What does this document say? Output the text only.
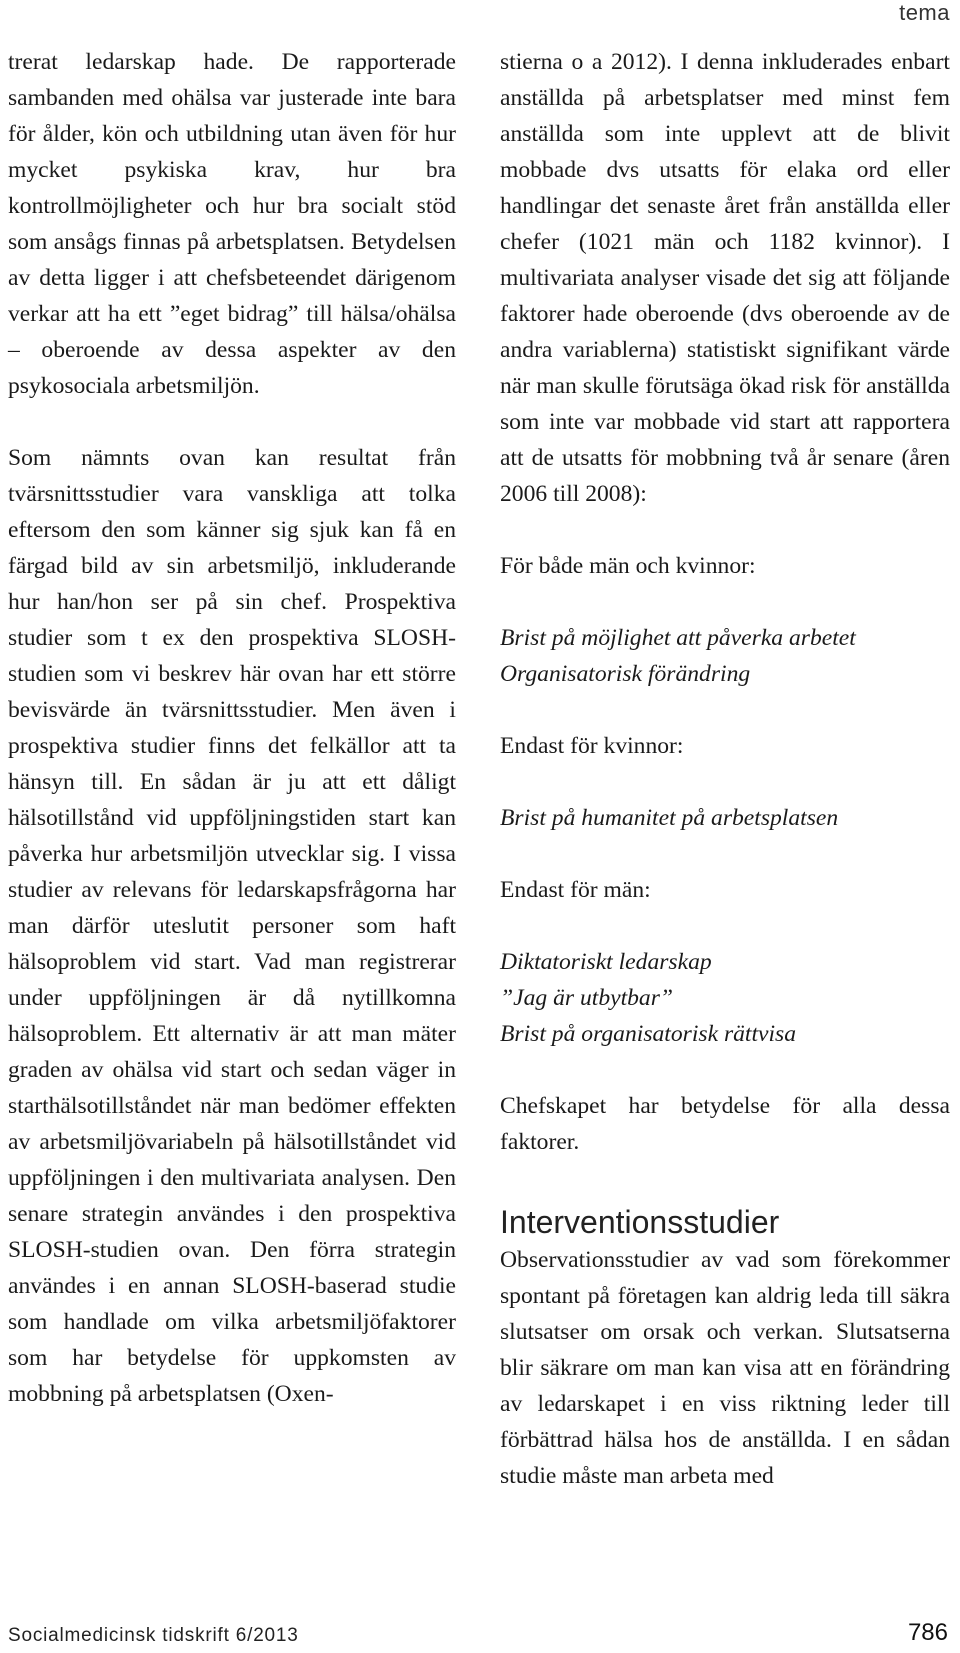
tema

trerat ledarskap hade. De rapporterade sambanden med ohälsa var justerade inte bara för ålder, kön och utbildning utan även för hur mycket psykiska krav, hur bra kontrollmöjligheter och hur bra socialt stöd som ansågs finnas på arbetsplatsen. Betydelsen av detta ligger i att chefsbeteendet därigenom verkar att ha ett ”eget bidrag” till hälsa/ohälsa – oberoende av dessa aspekter av den psykosociala arbetsmiljön.

Som nämnts ovan kan resultat från tvärsnittsstudier vara vanskliga att tolka eftersom den som känner sig sjuk kan få en färgad bild av sin arbetsmiljö, inkluderande hur han/hon ser på sin chef. Prospektiva studier som t ex den prospektiva SLOSH- studien som vi beskrev här ovan har ett större bevisvärde än tvärsnittsstudier. Men även i prospektiva studier finns det felkällor att ta hänsyn till. En sådan är ju att ett dåligt hälsotillstånd vid uppföljningstiden start kan påverka hur arbetsmiljön utvecklar sig. I vissa studier av relevans för ledarskapsfrågorna har man därför uteslutit personer som haft hälsoproblem vid start. Vad man registrerar under uppföljningen är då nytillkomna hälsoproblem. Ett alternativ är att man mäter graden av ohälsa vid start och sedan väger in starthälsotillståndet när man bedömer effekten av arbetsmiljövariabeln på hälsotillståndet vid uppföljningen i den multivariata analysen. Den senare strategin användes i den prospektiva SLOSH-studien ovan. Den förra strategin användes i en annan SLOSH-baserad studie som handlade om vilka arbetsmiljöfaktorer som har betydelse för uppkomsten av mobbning på arbetsplatsen (Oxen-

stierna o a 2012). I denna inkluderades enbart anställda på arbetsplatser med minst fem anställda som inte upplevt att de blivit mobbade dvs utsatts för elaka ord eller handlingar det senaste året från anställda eller chefer (1021 män och 1182 kvinnor). I multivariata analyser visade det sig att följande faktorer hade oberoende (dvs oberoende av de andra variablerna) statistiskt signifikant värde när man skulle förutsäga ökad risk för anställda som inte var mobbade vid start att rapportera att de utsatts för mobbning två år senare (åren 2006 till 2008):

För både män och kvinnor:
Brist på möjlighet att påverka arbetet
Organisatorisk förändring
Endast för kvinnor:
Brist på humanitet på arbetsplatsen
Endast för män:
Diktatoriskt ledarskap
”Jag är utbytbar”
Brist på organisatorisk rättvisa

Chefskapet har betydelse för alla dessa faktorer.

Interventionsstudier

Observationsstudier av vad som förekommer spontant på företagen kan aldrig leda till säkra slutsatser om orsak och verkan. Slutsatserna blir säkrare om man kan visa att en förändring av ledarskapet i en viss riktning leder till förbättrad hälsa hos de anställda. I en sådan studie måste man arbeta med

Socialmedicinsk tidskrift 6/2013	786
